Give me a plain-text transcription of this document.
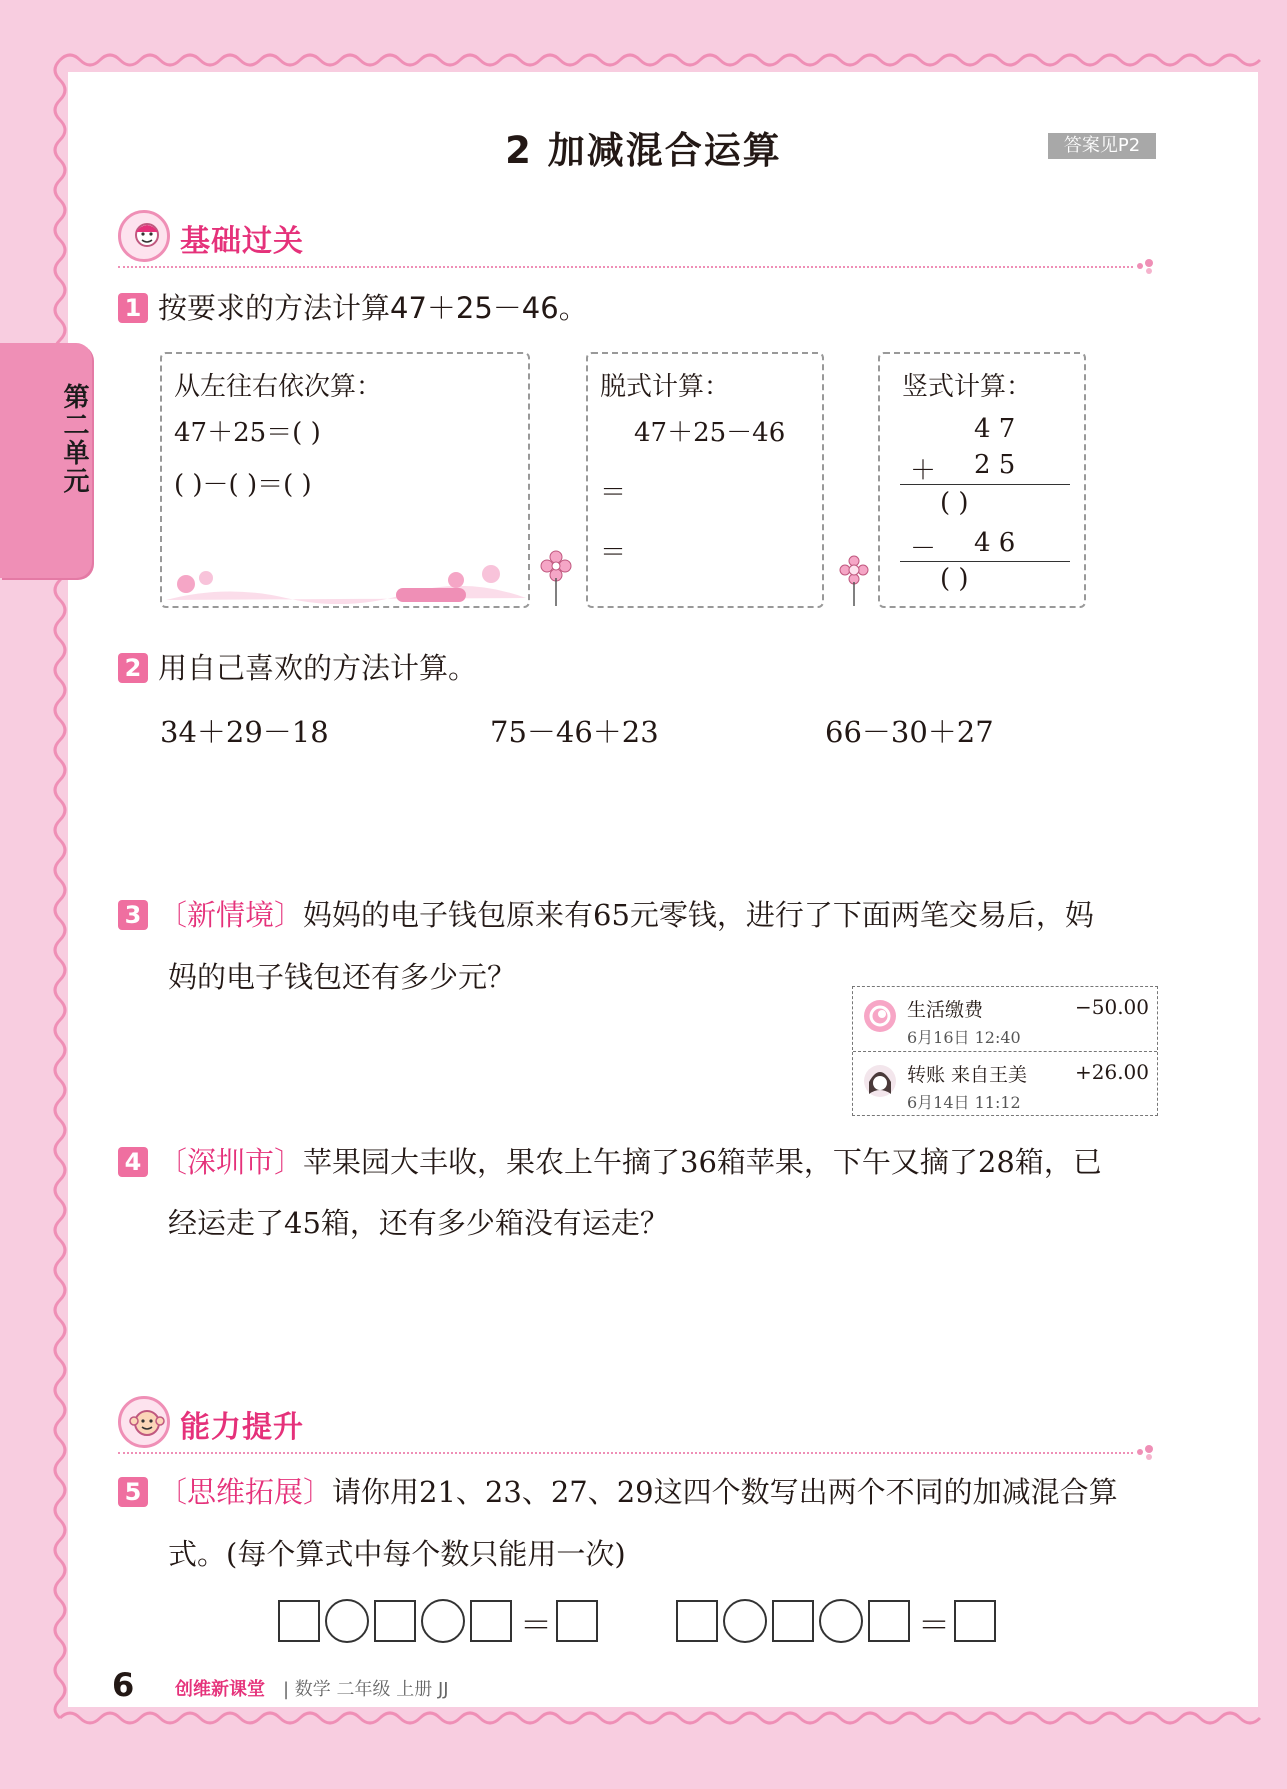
第二单元
2 加减混合运算	答案见P2
基础过关
1 按要求的方法计算47＋25－46。
从左往右依次算：
47＋25＝( )
( )－( )＝( )
脱式计算：
47＋25－46
＝
＝
竖式计算：
4 7
＋ 2 5
( )
－ 4 6
( )
2 用自己喜欢的方法计算。
34＋29－18	75－46＋23	66－30＋27
3 〔新情境〕妈妈的电子钱包原来有65元零钱，进行了下面两笔交易后，妈
妈的电子钱包还有多少元？
生活缴费
6月16日 12:40
−50.00
转账 来自王美
6月14日 11:12
+26.00
4 〔深圳市〕苹果园大丰收，果农上午摘了36箱苹果，下午又摘了28箱，已
经运走了45箱，还有多少箱没有运走？
能力提升
5 〔思维拓展〕请你用21、23、27、29这四个数写出两个不同的加减混合算
式。(每个算式中每个数只能用一次)
＝	＝
6 创维新课堂 | 数学 二年级 上册 JJ
